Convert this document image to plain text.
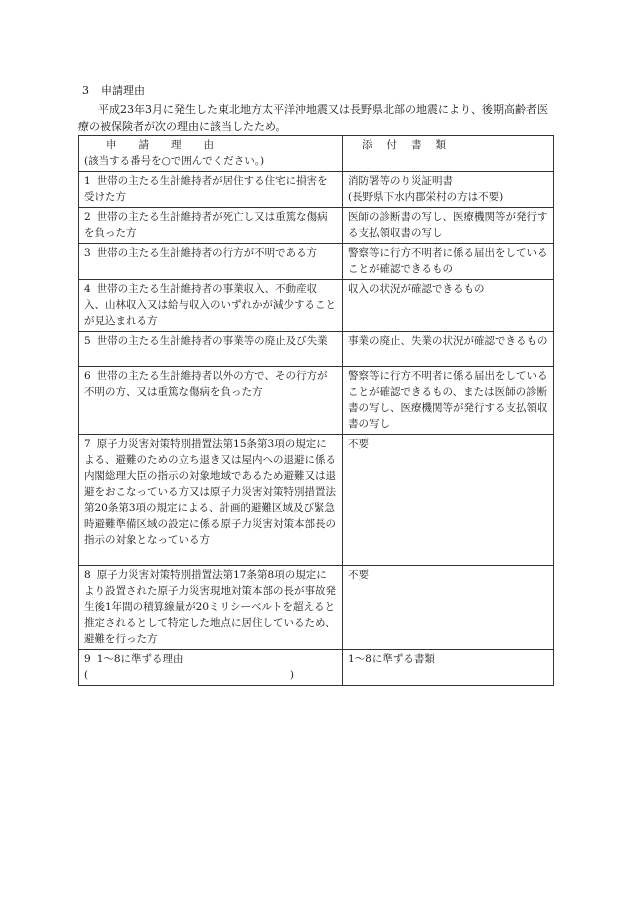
3 申請理由
平成23年3月に発生した東北地方太平洋沖地震又は長野県北部の地震により、後期高齢者医療の被保険者が次の理由に該当したため。
申請理由
(該当する番号を○で囲んでください。)	添付書類
1 世帯の主たる生計維持者が居住する住宅に損害を受けた方	消防署等のり災証明書
(長野県下水内郡栄村の方は不要)
2 世帯の主たる生計維持者が死亡し又は重篤な傷病を負った方	医師の診断書の写し、医療機関等が発行する支払領収書の写し
3 世帯の主たる生計維持者の行方が不明である方	警察等に行方不明者に係る届出をしていることが確認できるもの
4 世帯の主たる生計維持者の事業収入、不動産収入、山林収入又は給与収入のいずれかが減少することが見込まれる方	収入の状況が確認できるもの
5 世帯の主たる生計維持者の事業等の廃止及び失業	事業の廃止、失業の状況が確認できるもの
6 世帯の主たる生計維持者以外の方で、その行方が不明の方、又は重篤な傷病を負った方	警察等に行方不明者に係る届出をしていることが確認できるもの、または医師の診断書の写し、医療機関等が発行する支払領収書の写し
7 原子力災害対策特別措置法第15条第3項の規定による、避難のための立ち退き又は屋内への退避に係る内閣総理大臣の指示の対象地域であるため避難又は退避をおこなっている方又は原子力災害対策特別措置法第20条第3項の規定による、計画的避難区域及び緊急時避難準備区域の設定に係る原子力災害対策本部長の指示の対象となっている方	不要
8 原子力災害対策特別措置法第17条第8項の規定により設置された原子力災害現地対策本部の長が事故発生後1年間の積算線量が20ミリシーベルトを超えると推定されるとして特定した地点に居住しているため、避難を行った方	不要

9 1〜8に準ずる理由
( )	1〜8に準ずる書類
